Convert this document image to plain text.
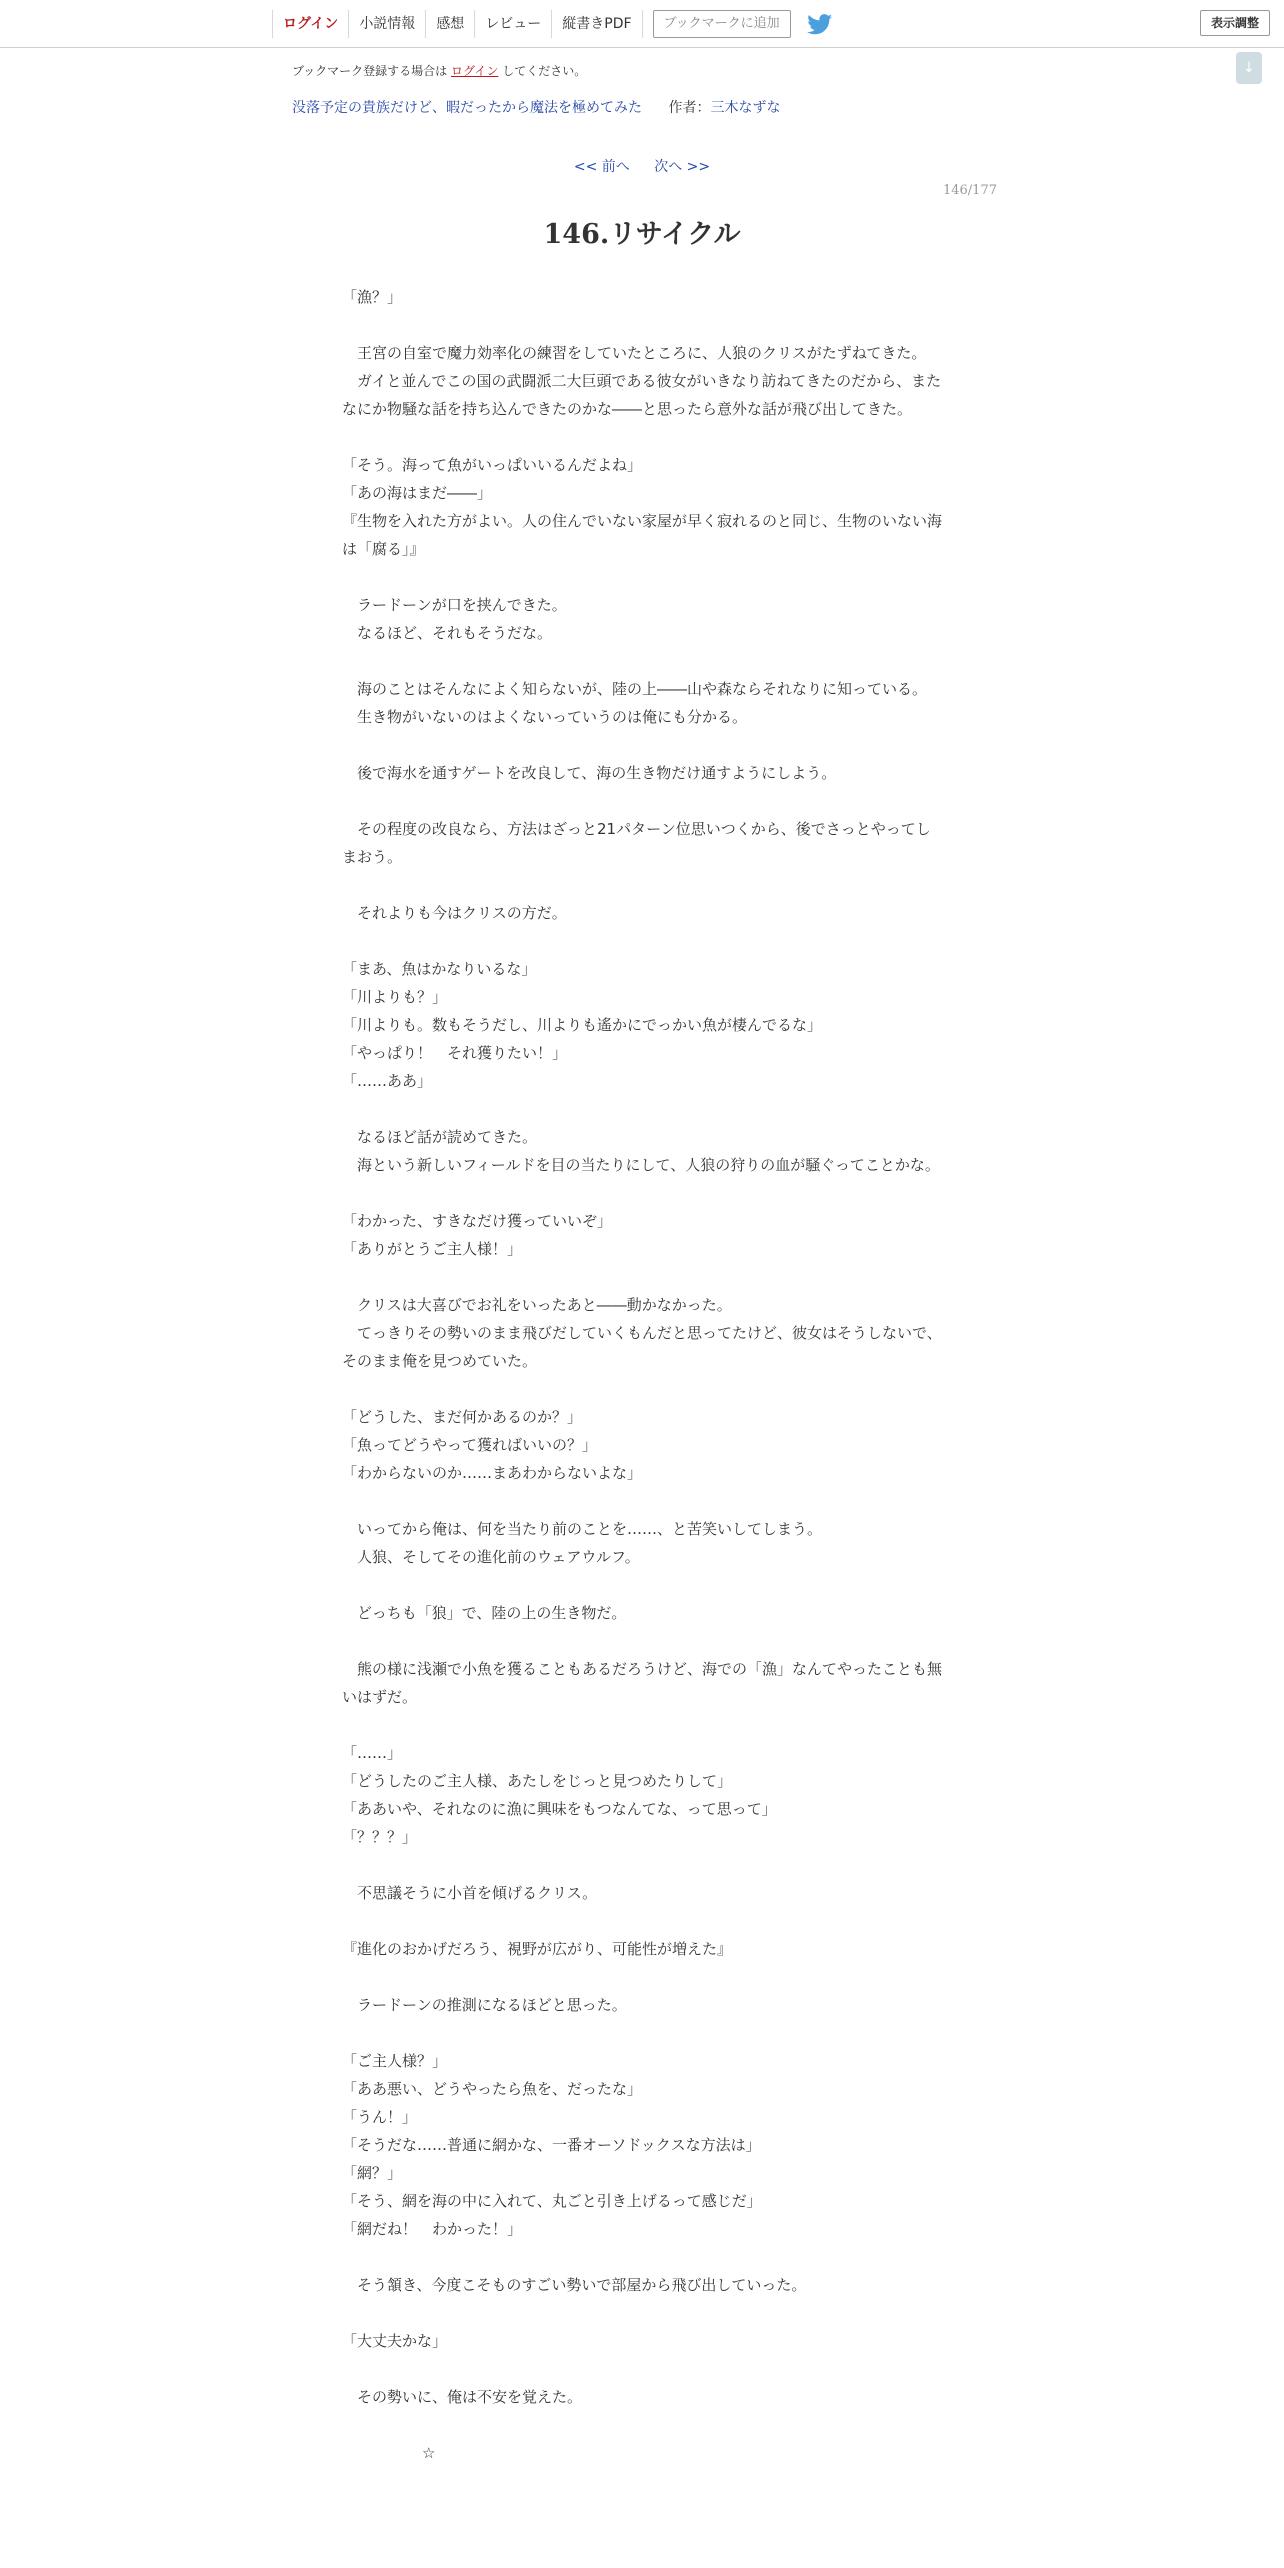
ログイン	小説情報	感想	レビュー	縦書きPDF	ブックマークに追加	表示調整
↓
ブックマーク登録する場合は ログイン してください。
没落予定の貴族だけど、暇だったから魔法を極めてみた 作者：三木なずな
<< 前へ 次へ >>
146/177
146.リサイクル

「漁？」

　王宮の自室で魔力効率化の練習をしていたところに、人狼のクリスがたずねてきた。

　ガイと並んでこの国の武闘派二大巨頭である彼女がいきなり訪ねてきたのだから、またなにか物騒な話を持ち込んできたのかな――と思ったら意外な話が飛び出してきた。

「そう。海って魚がいっぱいいるんだよね」

「あの海はまだ――」

『生物を入れた方がよい。人の住んでいない家屋が早く寂れるのと同じ、生物のいない海は「腐る」』

　ラードーンが口を挟んできた。

　なるほど、それもそうだな。

　海のことはそんなによく知らないが、陸の上――山や森ならそれなりに知っている。

　生き物がいないのはよくないっていうのは俺にも分かる。

　後で海水を通すゲートを改良して、海の生き物だけ通すようにしよう。

　その程度の改良なら、方法はざっと21パターン位思いつくから、後でさっとやってしまおう。

　それよりも今はクリスの方だ。

「まあ、魚はかなりいるな」

「川よりも？」

「川よりも。数もそうだし、川よりも遙かにでっかい魚が棲んでるな」

「やっぱり！　それ獲りたい！」

「……ああ」

　なるほど話が読めてきた。

　海という新しいフィールドを目の当たりにして、人狼の狩りの血が騒ぐってことかな。

「わかった、すきなだけ獲っていいぞ」

「ありがとうご主人様！」

　クリスは大喜びでお礼をいったあと――動かなかった。

　てっきりその勢いのまま飛びだしていくもんだと思ってたけど、彼女はそうしないで、そのまま俺を見つめていた。

「どうした、まだ何かあるのか？」

「魚ってどうやって獲ればいいの？」

「わからないのか……まあわからないよな」

　いってから俺は、何を当たり前のことを……、と苦笑いしてしまう。

　人狼、そしてその進化前のウェアウルフ。

　どっちも「狼」で、陸の上の生き物だ。

　熊の様に浅瀬で小魚を獲ることもあるだろうけど、海での「漁」なんてやったことも無いはずだ。

「……」

「どうしたのご主人様、あたしをじっと見つめたりして」

「ああいや、それなのに漁に興味をもつなんてな、って思って」

「？？？」

　不思議そうに小首を傾げるクリス。

『進化のおかげだろう、視野が広がり、可能性が増えた』

　ラードーンの推測になるほどと思った。

「ご主人様？」

「ああ悪い、どうやったら魚を、だったな」

「うん！」

「そうだな……普通に網かな、一番オーソドックスな方法は」

「網？」

「そう、網を海の中に入れて、丸ごと引き上げるって感じだ」

「網だね！　わかった！」

　そう頷き、今度こそものすごい勢いで部屋から飛び出していった。

「大丈夫かな」

　その勢いに、俺は不安を覚えた。

☆
